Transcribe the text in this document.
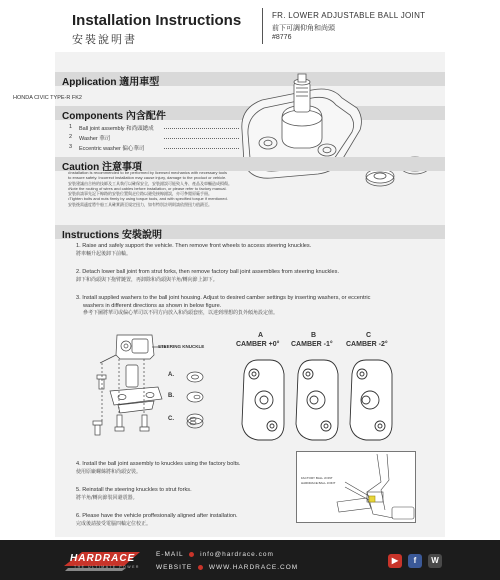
Installation Instructions
安裝說明書
FR. LOWER ADJUSTABLE BALL JOINT
前下可調仰角和尚頭
#8776
Application 適用車型
HONDA CIVIC TYPE-R FK2
Components 內含配件
1 Ball joint assembly 和尚頭總成
2 Washer 華司
3 Eccentric washer 偏心華司
Caution 注意事項
•Installation is recommended to be performed by licensed mechanics with necessary tools
to ensure safety. Incorrect installation may cause injury, damage to the product or vehicle.
安裝建議由合格的技師及工具執行以確保安全，安裝錯誤可能致人身、產品及車輛造成損傷。
•Note the routing of wires and cables before installation, or please refer to factory manual.
安裝前請事先記下線路的安裝位置與走位路以避免接線錯誤，亦可參閱原廠手冊。
•Tighten bolts and nuts firmly by using torque tools, and with specified torque if mentioned.
安裝後需適度將牛船工具確實鎖至規定扭力，如有特別註明則請依照扭力值鎖至。
Instructions 安裝說明
1. Raise and safely support the vehicle. Then remove front wheels to access steering knuckles.
將車輛升起後卸下前輪。
2. Detach lower ball joint from strut forks, then remove factory ball joint assemblies from steering knuckles.
卸下和尚頭與下拖臂鏈置，再卸除和尚頭與羊角/轉向節上卸下。
3. Install supplied washers to the ball joint housing. Adjust to desired camber settings by inserting washers, or eccentric
washers in different directions as shown in below figure.
參考下圖將華司或偏心華司以不同方向放入和尚頭套座，以達到理想的負外傾角設定值。
STEERING KNUCKLE
A.
B.
C.
A
CAMBER +0°
B
CAMBER -1°
C
CAMBER -2°
4. Install the ball joint assembly to knuckles using the factory bolts.
使用原廠螺絲將和尚頭安裝。
5. Reinstall the steering knuckles to strut forks.
將羊角/轉向節裝回避震器。
6. Please have the vehicle proffesionally aligned after installation.
完成後請接受電腦四輪定位校正。
FACTORY BALL JOINT
HARDRACE BALL JOINT
HARDRACE
THE ULTIMATE POWER
E-MAIL	info@hardrace.com
WEBSITE	WWW.HARDRACE.COM
▶	f	W
